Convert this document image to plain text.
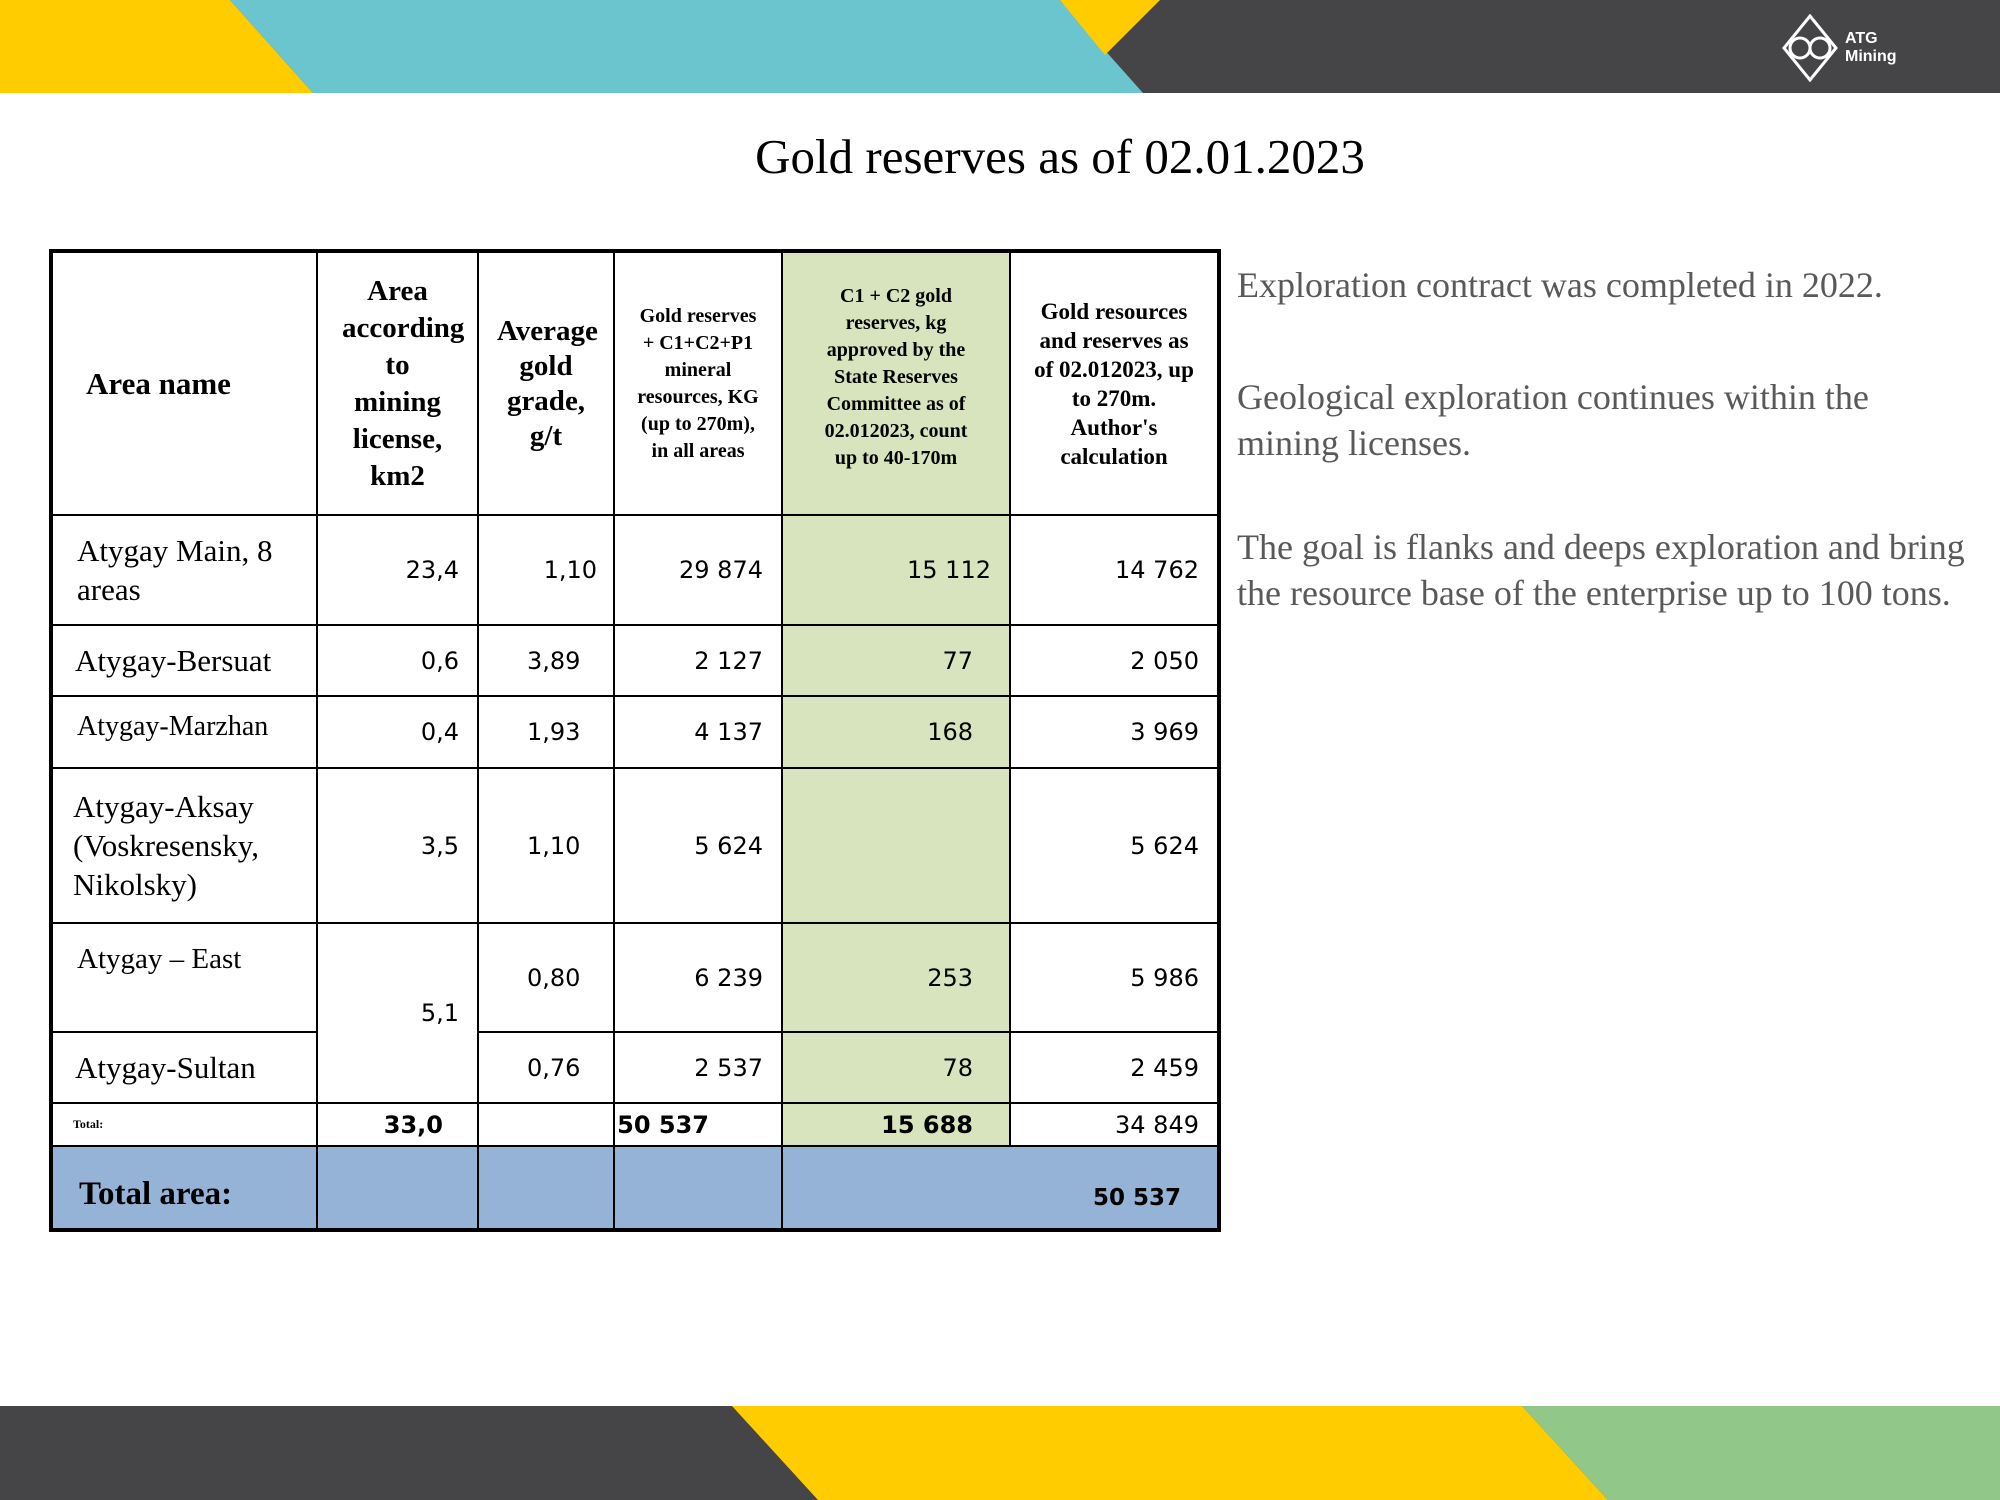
ATG
Mining
Gold reserves as of 02.01.2023
Area name	Area according to mining license, km2	Average gold grade, g/t	Gold reserves + C1+C2+P1 mineral resources, KG (up to 270m), in all areas	C1 + C2 gold reserves, kg approved by the State Reserves Committee as of 02.012023, count up to 40-170m	Gold resources and reserves as of 02.012023, up to 270m. Author's calculation
Atygay Main, 8 areas	23,4	1,10	29 874	15 112	14 762
Atygay-Bersuat	0,6	3,89	2 127	77	2 050
Atygay-Marzhan	0,4	1,93	4 137	168	3 969
Atygay-Aksay (Voskresensky, Nikolsky)	3,5	1,10	5 624		5 624
Atygay – East	5,1	0,80	6 239	253	5 986
Atygay-Sultan		0,76	2 537	78	2 459
Total:	33,0		50 537	15 688	34 849
Total area:				50 537	
Exploration contract was completed in 2022.
Geological exploration continues within the mining licenses.
The goal is flanks and deeps exploration and bring the resource base of the enterprise up to 100 tons.
